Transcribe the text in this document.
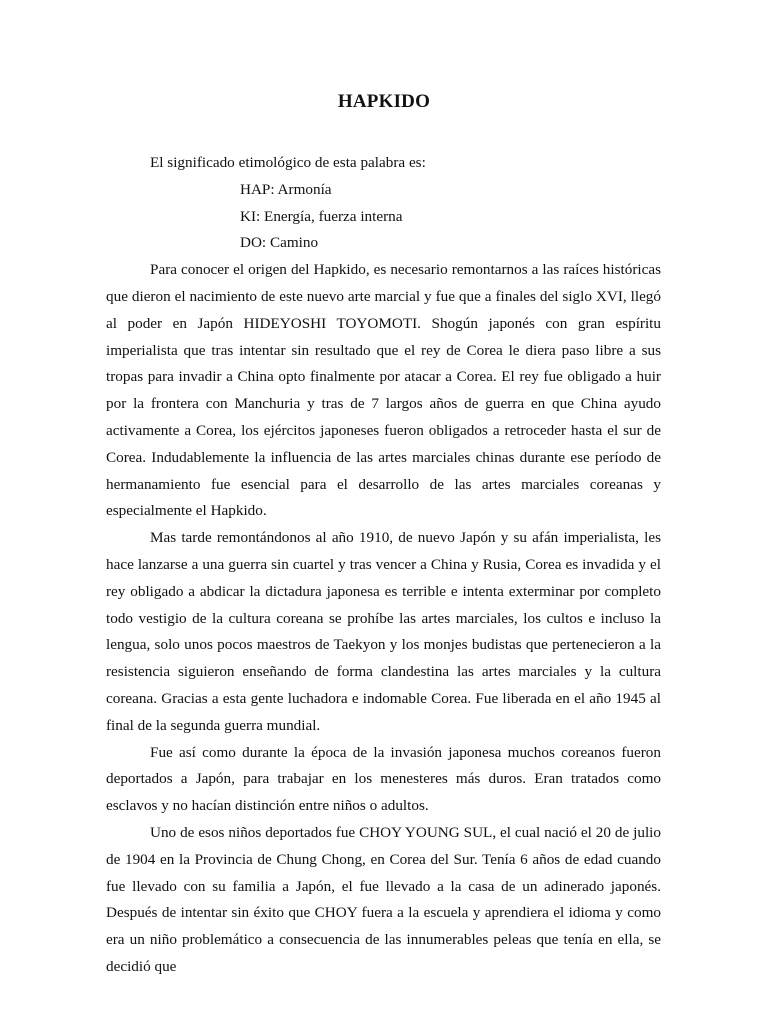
HAPKIDO

El significado etimológico de esta palabra es:

HAP: Armonía

KI: Energía, fuerza interna

DO: Camino

Para conocer el origen del Hapkido, es necesario remontarnos a las raíces históricas que dieron el nacimiento de este nuevo arte marcial y fue que a finales del siglo XVI, llegó al poder en Japón HIDEYOSHI TOYOMOTI. Shogún japonés con gran espíritu imperialista que tras intentar sin resultado que el rey de Corea le diera paso libre a sus tropas para invadir a China opto finalmente por atacar a Corea. El rey fue obligado a huir por la frontera con Manchuria y tras de 7 largos años de guerra en que China ayudo activamente a Corea, los ejércitos japoneses fueron obligados a retroceder hasta el sur de Corea. Indudablemente la influencia de las artes marciales chinas durante ese período de hermanamiento fue esencial para el desarrollo de las artes marciales coreanas y especialmente el Hapkido.

Mas tarde remontándonos al año 1910, de nuevo Japón y su afán imperialista, les hace lanzarse a una guerra sin cuartel y tras vencer a China y Rusia, Corea es invadida y el rey obligado a abdicar la dictadura japonesa es terrible e intenta exterminar por completo todo vestigio de la cultura coreana se prohíbe las artes marciales, los cultos e incluso la lengua, solo unos pocos maestros de Taekyon y los monjes budistas que pertenecieron a la resistencia siguieron enseñando de forma clandestina las artes marciales y la cultura coreana. Gracias a esta gente luchadora e indomable Corea. Fue liberada en el año 1945 al final de la segunda guerra mundial.

Fue así como durante la época de la invasión japonesa muchos coreanos fueron deportados a Japón, para trabajar en los menesteres más duros. Eran tratados como esclavos y no hacían distinción entre niños o adultos.

Uno de esos niños deportados fue CHOY YOUNG SUL, el cual nació el 20 de julio de 1904 en la Provincia de Chung Chong, en Corea del Sur. Tenía 6 años de edad cuando fue llevado con su familia a Japón, el fue llevado a la casa de un adinerado japonés. Después de intentar sin éxito que CHOY fuera a la escuela y aprendiera el idioma y como era un niño problemático a consecuencia de las innumerables peleas que tenía en ella, se decidió que
